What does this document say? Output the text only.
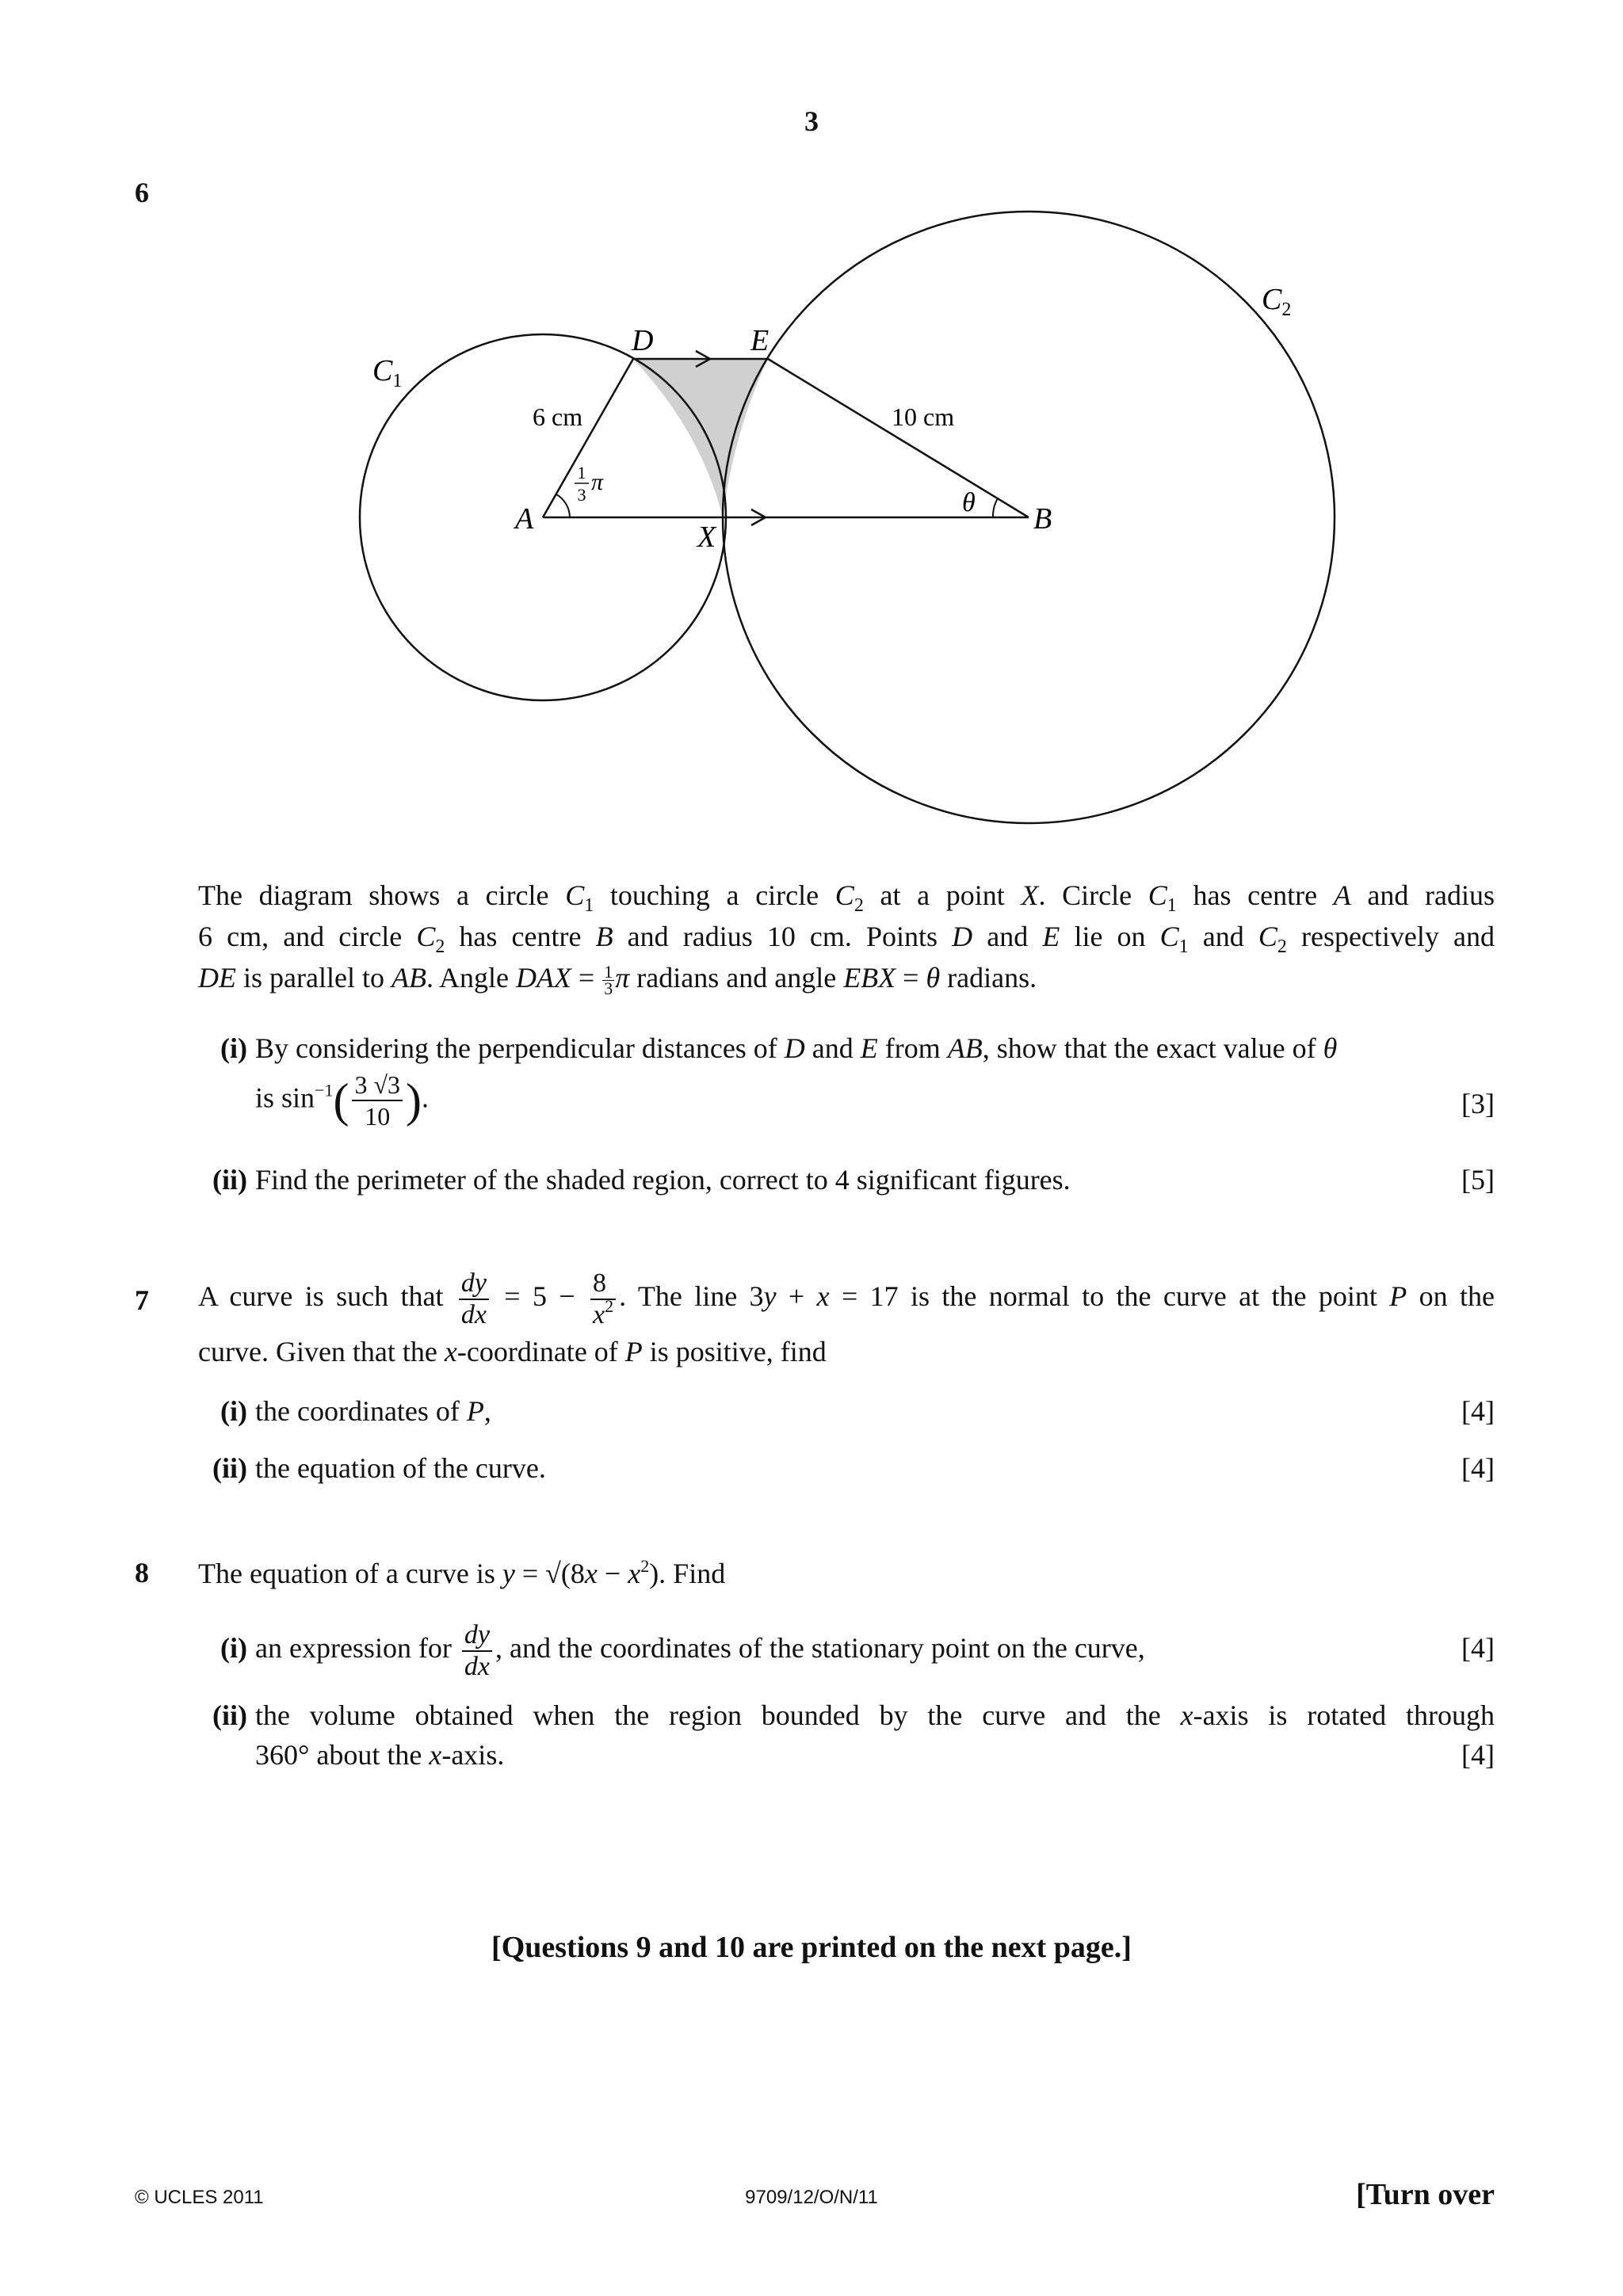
3
6
$C_1$
$C_2$
D	E
A	B
X
6 cm	10 cm
θ
1
3 π
The diagram shows a circle $C_1$ touching a circle $C_2$ at a point X. Circle $C_1$ has centre A and radius
6 cm, and circle $C_2$ has centre B and radius 10 cm. Points D and E lie on $C_1$ and $C_2$ respectively and
DE is parallel to AB. Angle DAX = $\frac{1}{3}$ π radians and angle EBX = θ radians.
(i) By considering the perpendicular distances of D and E from AB, show that the exact value of θ
is $\sin^{-1}( \frac{3 √3}{10}$ ).	[3]
(ii) Find the perimeter of the shaded region, correct to 4 significant figures.	[5]
7 A curve is such that $\frac{dy}{dx} = 5 - \frac{8}{x^2}$ . The line 3y + x = 17 is the normal to the curve at the point P on the
curve. Given that the x-coordinate of P is positive, find
(i) the coordinates of P,	[4]
(ii) the equation of the curve.	[4]
8 The equation of a curve is $y = √(8x - x^2)$. Find
(i) an expression for $\frac{dy}{dx}$ , and the coordinates of the stationary point on the curve,	[4]
(ii) the volume obtained when the region bounded by the curve and the x-axis is rotated through
360° about the x-axis.	[4]
[Questions 9 and 10 are printed on the next page.]
© UCLES 2011	9709/12/O/N/11	[Turn over
